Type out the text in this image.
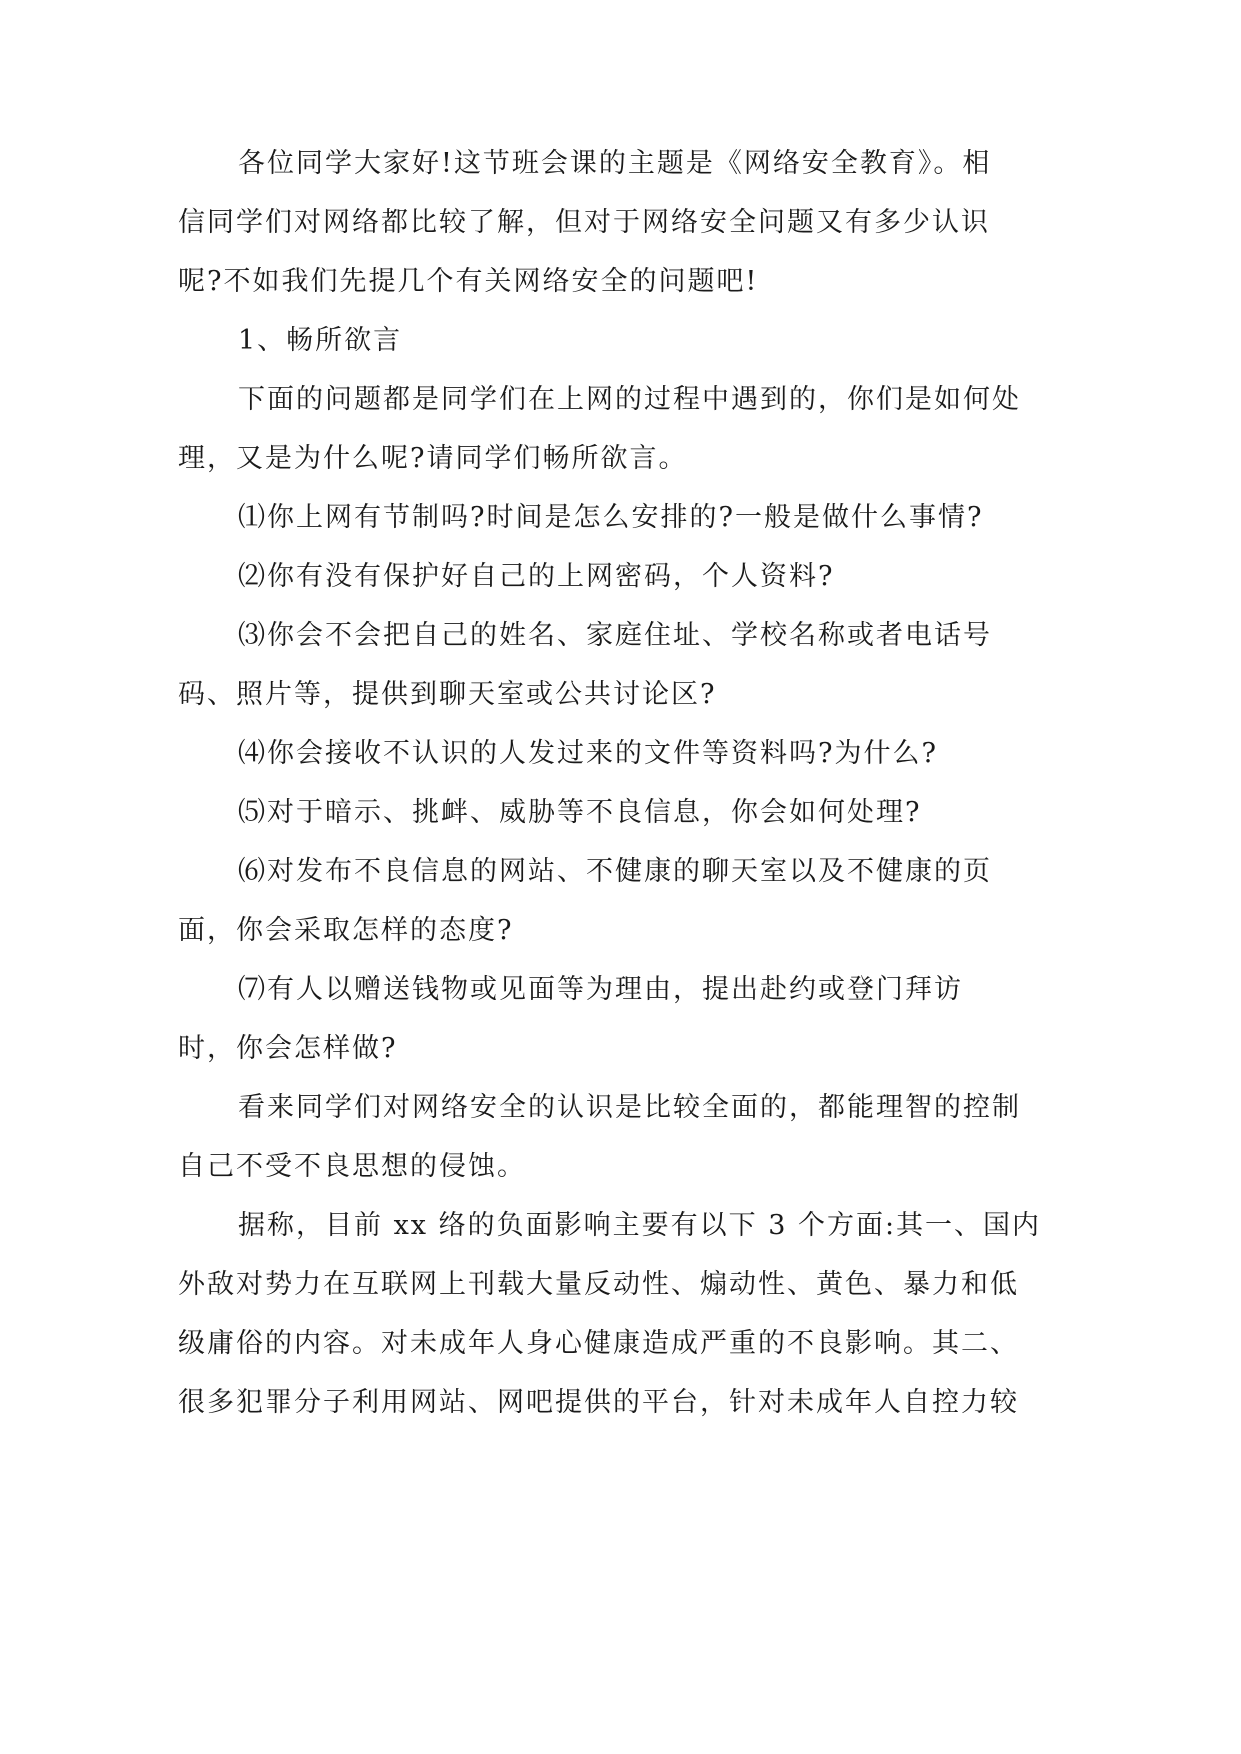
各位同学大家好!这节班会课的主题是《网络安全教育》。相
信同学们对网络都比较了解，但对于网络安全问题又有多少认识
呢?不如我们先提几个有关网络安全的问题吧!
1、畅所欲言
下面的问题都是同学们在上网的过程中遇到的，你们是如何处
理，又是为什么呢?请同学们畅所欲言。
⑴你上网有节制吗?时间是怎么安排的?一般是做什么事情?
⑵你有没有保护好自己的上网密码，个人资料?
⑶你会不会把自己的姓名、家庭住址、学校名称或者电话号
码、照片等，提供到聊天室或公共讨论区?
⑷你会接收不认识的人发过来的文件等资料吗?为什么?
⑸对于暗示、挑衅、威胁等不良信息，你会如何处理?
⑹对发布不良信息的网站、不健康的聊天室以及不健康的页
面，你会采取怎样的态度?
⑺有人以赠送钱物或见面等为理由，提出赴约或登门拜访
时，你会怎样做?
看来同学们对网络安全的认识是比较全面的，都能理智的控制
自己不受不良思想的侵蚀。
据称，目前 xx 络的负面影响主要有以下 3 个方面:其一、国内
外敌对势力在互联网上刊载大量反动性、煽动性、黄色、暴力和低
级庸俗的内容。对未成年人身心健康造成严重的不良影响。其二、
很多犯罪分子利用网站、网吧提供的平台，针对未成年人自控力较
